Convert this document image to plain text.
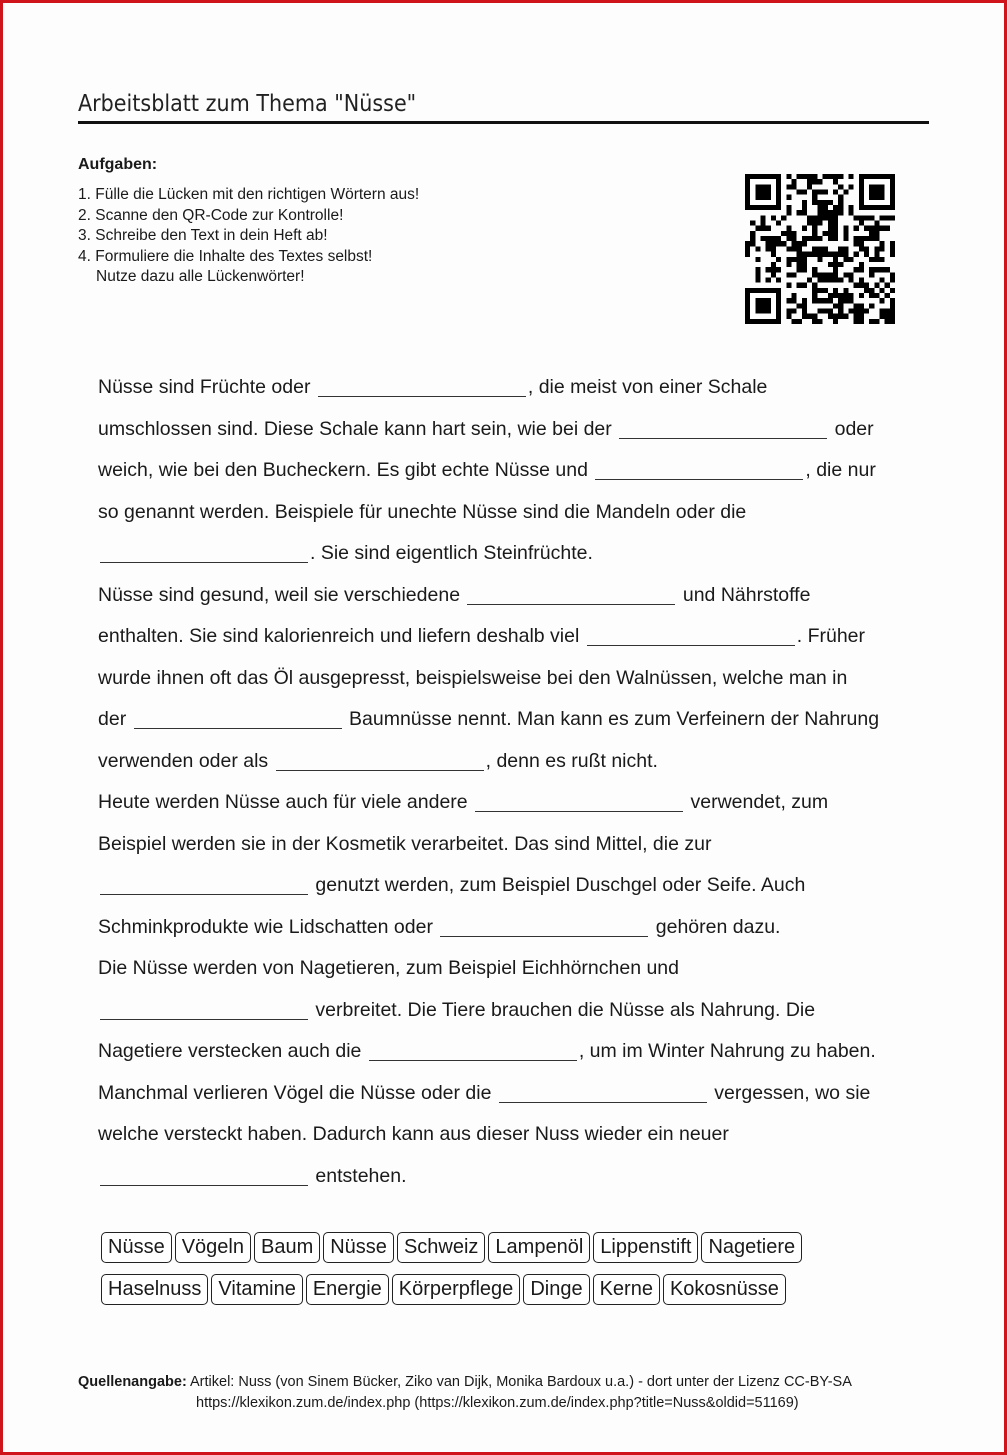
Arbeitsblatt zum Thema "Nüsse"
Aufgaben:
1. Fülle die Lücken mit den richtigen Wörtern aus!
2. Scanne den QR-Code zur Kontrolle!
3. Schreibe den Text in dein Heft ab!
4. Formuliere die Inhalte des Textes selbst!
Nutze dazu alle Lückenwörter!
Nüsse sind Früchte oder	, die meist von einer Schale
umschlossen sind. Diese Schale kann hart sein, wie bei der	oder
weich, wie bei den Bucheckern. Es gibt echte Nüsse und	, die nur
so genannt werden. Beispiele für unechte Nüsse sind die Mandeln oder die
. Sie sind eigentlich Steinfrüchte.
Nüsse sind gesund, weil sie verschiedene	und Nährstoffe
enthalten. Sie sind kalorienreich und liefern deshalb viel	. Früher
wurde ihnen oft das Öl ausgepresst, beispielsweise bei den Walnüssen, welche man in
der	Baumnüsse nennt. Man kann es zum Verfeinern der Nahrung
verwenden oder als	, denn es rußt nicht.
Heute werden Nüsse auch für viele andere	verwendet, zum
Beispiel werden sie in der Kosmetik verarbeitet. Das sind Mittel, die zur
genutzt werden, zum Beispiel Duschgel oder Seife. Auch
Schminkprodukte wie Lidschatten oder	gehören dazu.
Die Nüsse werden von Nagetieren, zum Beispiel Eichhörnchen und
verbreitet. Die Tiere brauchen die Nüsse als Nahrung. Die
Nagetiere verstecken auch die	, um im Winter Nahrung zu haben.
Manchmal verlieren Vögel die Nüsse oder die	vergessen, wo sie
welche versteckt haben. Dadurch kann aus dieser Nuss wieder ein neuer
entstehen.
Nüsse Vögeln Baum Nüsse Schweiz Lampenöl Lippenstift Nagetiere
Haselnuss Vitamine Energie Körperpflege Dinge Kerne Kokosnüsse
Quellenangabe: Artikel: Nuss (von Sinem Bücker, Ziko van Dijk, Monika Bardoux u.a.) - dort unter der Lizenz CC-BY-SA
https://klexikon.zum.de/index.php (https://klexikon.zum.de/index.php?title=Nuss&oldid=51169)
